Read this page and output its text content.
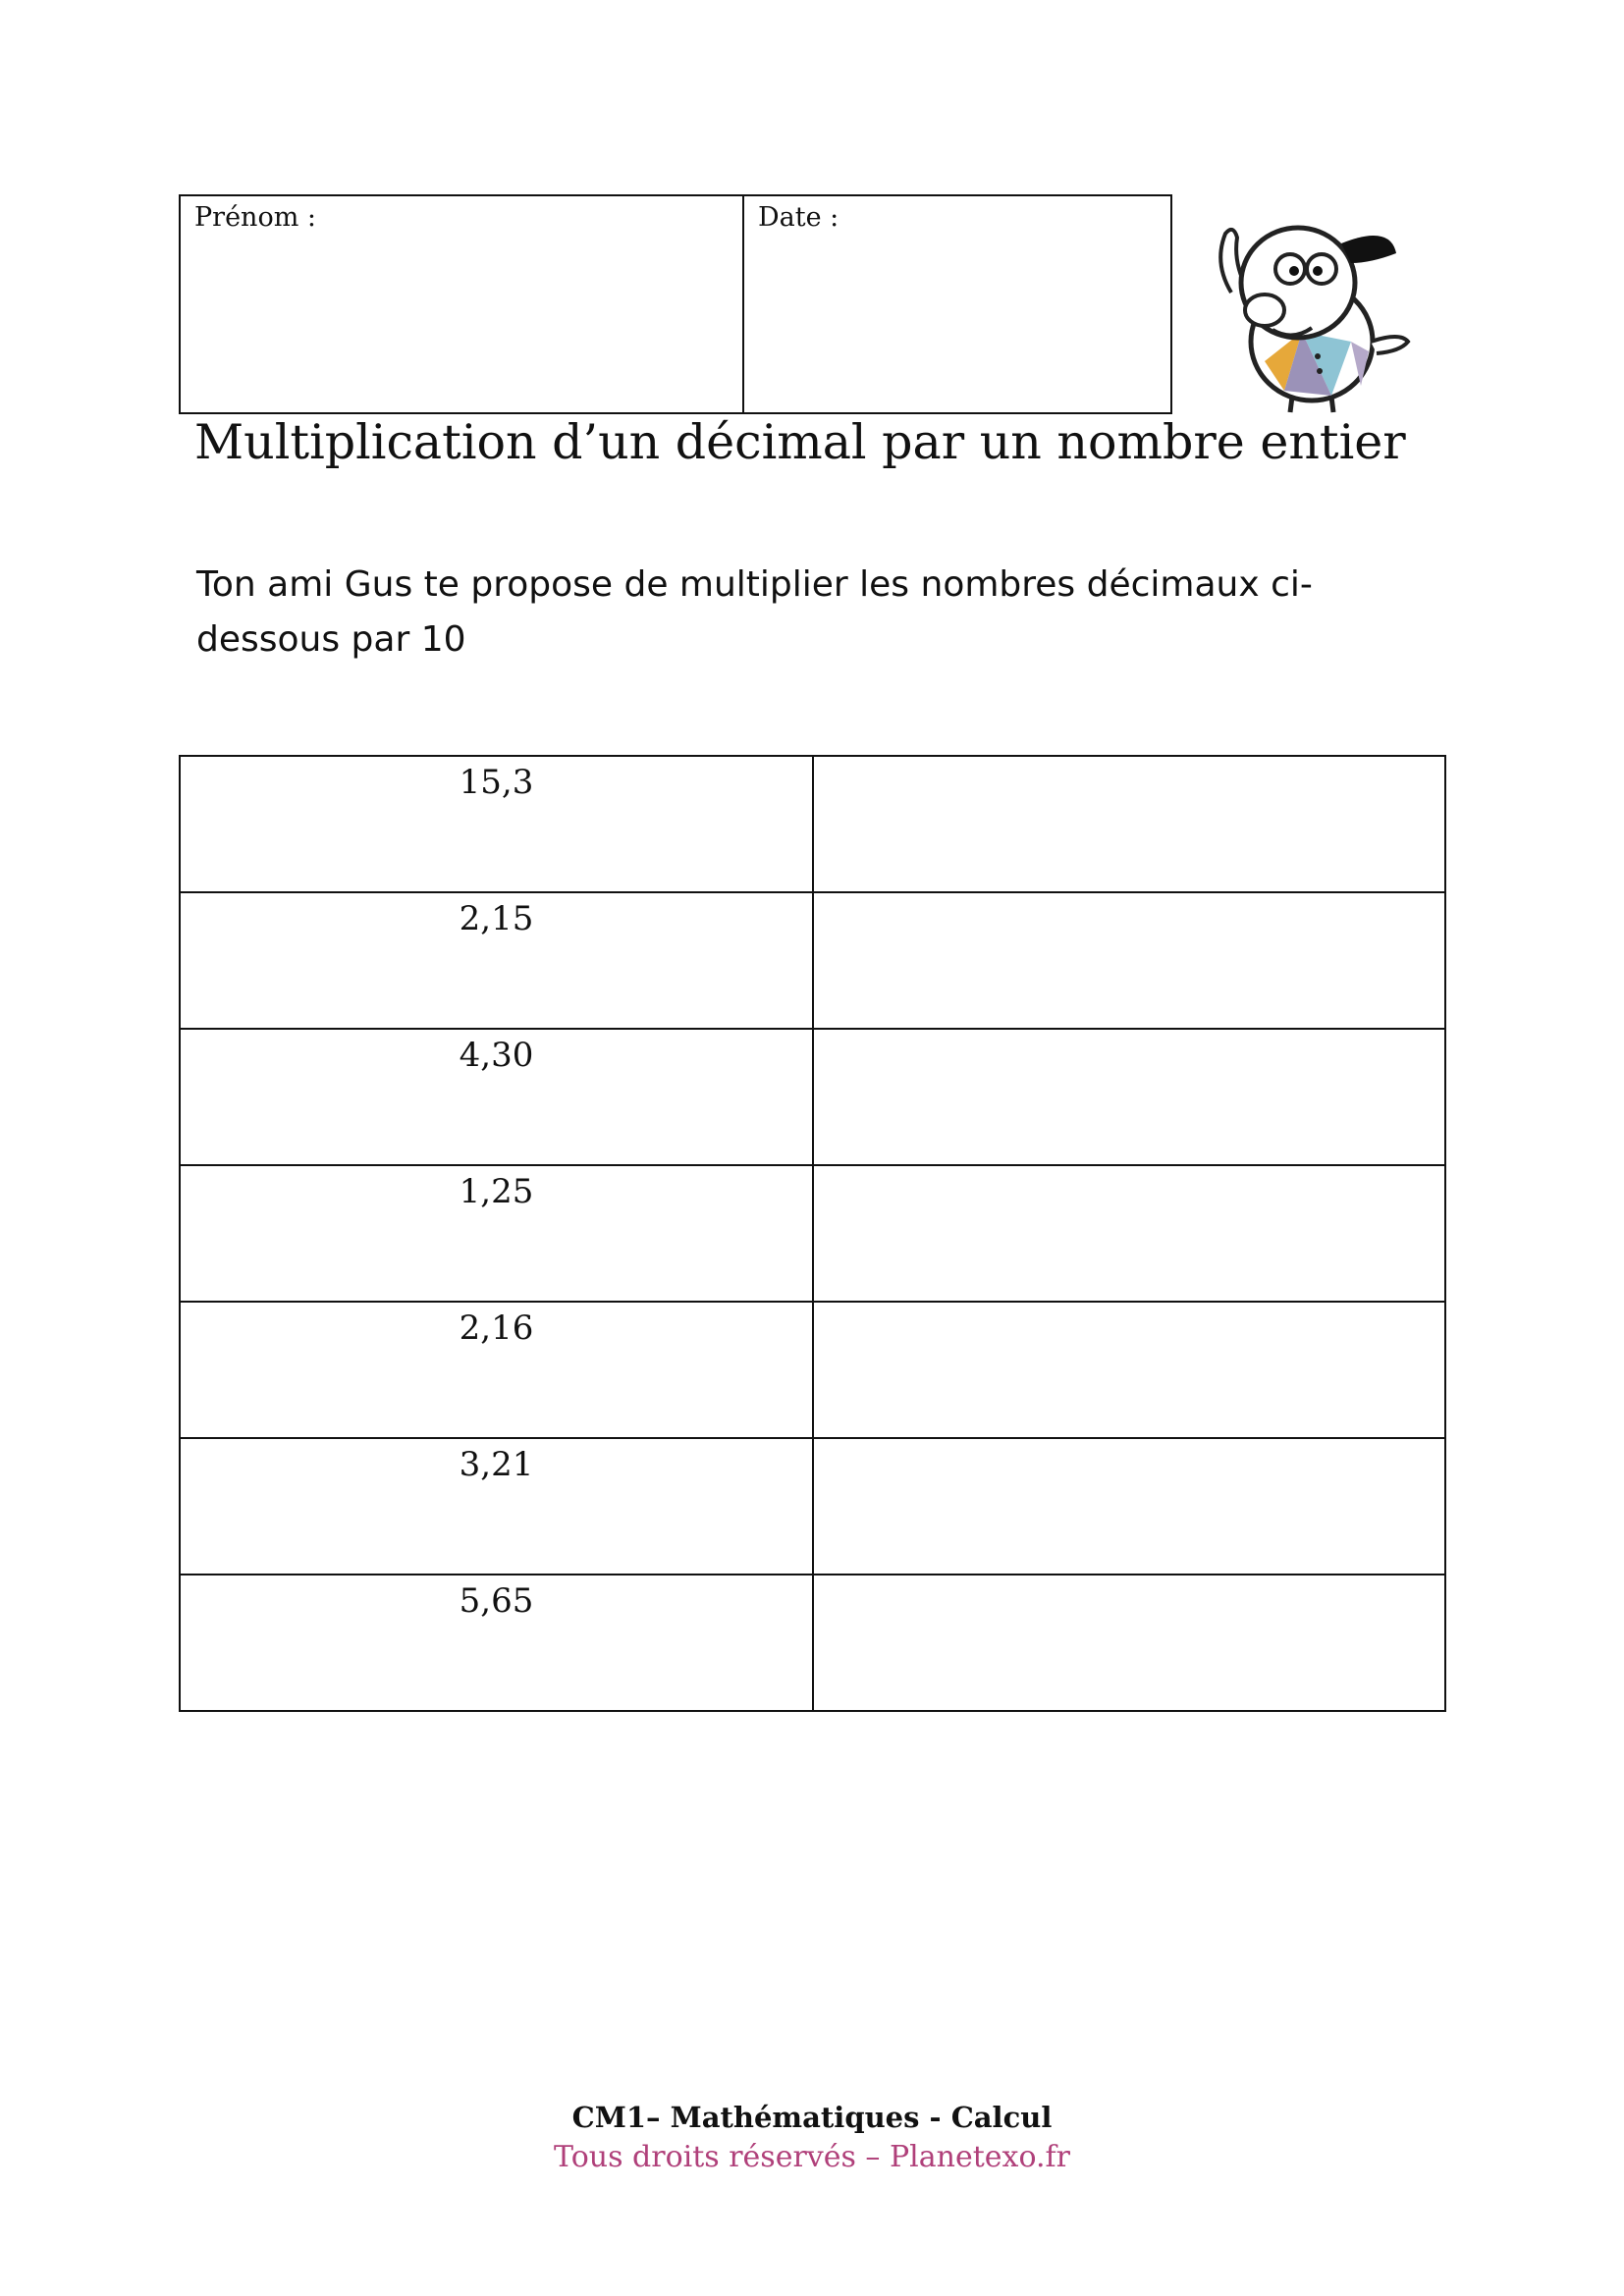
Prénom :	Date :
Multiplication d’un décimal par un nombre entier
Ton ami Gus te propose de multiplier les nombres décimaux ci-dessous par 10
15,3	
2,15	
4,30	
1,25	
2,16	
3,21	
5,65	
CM1– Mathématiques - Calcul
Tous droits réservés – Planetexo.fr
